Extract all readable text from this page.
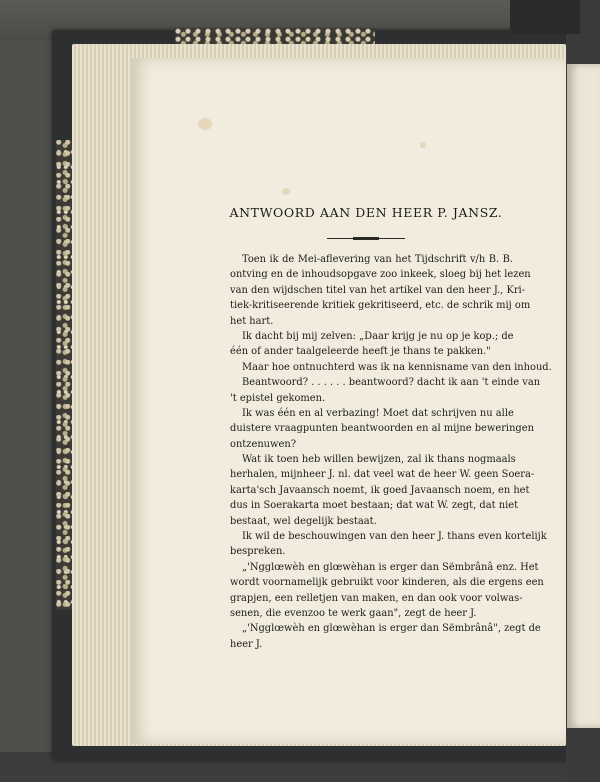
ANTWOORD AAN DEN HEER P. JANSZ.
Toen ik de Mei-aflevering van het Tijdschrift v/h B. B.
ontving en de inhoudsopgave zoo inkeek, sloeg bij het lezen
van den wijdschen titel van het artikel van den heer J., Kri-
tiek-kritiseerende kritiek gekritiseerd, etc. de schrik mij om
het hart.
Ik dacht bij mij zelven: „Daar krijg je nu op je kop.; de
één of ander taalgeleerde heeft je thans te pakken."
Maar hoe ontnuchterd was ik na kennisname van den inhoud.
Beantwoord? . . . . . . beantwoord? dacht ik aan 't einde van
't epistel gekomen.
Ik was één en al verbazing! Moet dat schrijven nu alle
duistere vraagpunten beantwoorden en al mijne beweringen
ontzenuwen?
Wat ik toen heb willen bewijzen, zal ik thans nogmaals
herhalen, mijnheer J. nl. dat veel wat de heer W. geen Soera-
karta'sch Javaansch noemt, ik goed Javaansch noem, en het
dus in Soerakarta moet bestaan; dat wat W. zegt, dat niet
bestaat, wel degelijk bestaat.
Ik wil de beschouwingen van den heer J. thans even kortelijk
bespreken.
„'Ngglœwèh en glœwèhan is erger dan Sëmbrânâ enz. Het
wordt voornamelijk gebruikt voor kinderen, als die ergens een
grapjen, een relletjen van maken, en dan ook voor volwas-
senen, die evenzoo te werk gaan", zegt de heer J.
„'Ngglœwèh en glœwèhan is erger dan Sëmbrânâ", zegt de
heer J.
